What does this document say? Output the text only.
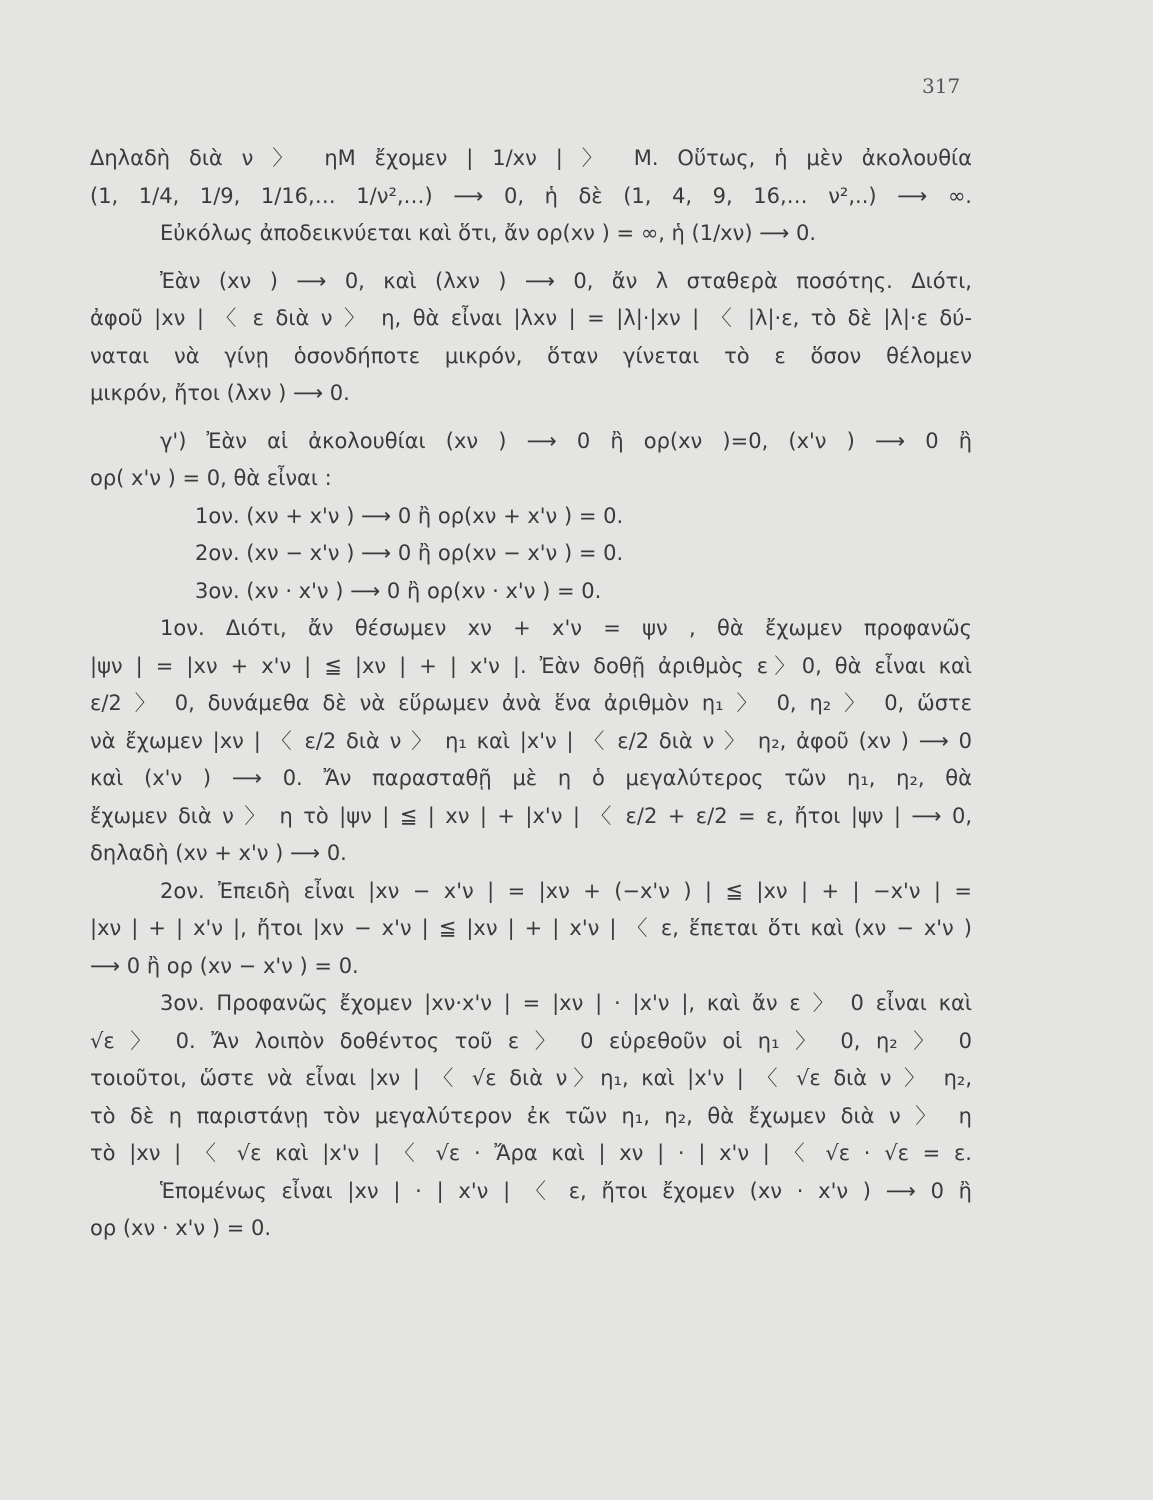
317
Δηλαδὴ διὰ ν 〉 ηM ἔχομεν | 1/xν | 〉 M. Οὕτως, ἡ μὲν ἀκολουθία
(1, 1/4, 1/9, 1/16,… 1/ν²,…) ⟶ 0, ἡ δὲ (1, 4, 9, 16,… ν²,..) ⟶ ∞.
Εὐκόλως ἀποδεικνύεται καὶ ὅτι, ἄν ορ(xν ) = ∞, ἡ (1/xν) ⟶ 0.
Ἐὰν (xν ) ⟶ 0, καὶ (λxν ) ⟶ 0, ἄν λ σταθερὰ ποσότης. Διότι,
ἀφοῦ |xν | 〈 ε διὰ ν 〉 η, θὰ εἶναι |λxν | = |λ|·|xν | 〈 |λ|·ε, τὸ δὲ |λ|·ε δύ-
ναται νὰ γίνῃ ὁσονδήποτε μικρόν, ὅταν γίνεται τὸ ε ὅσον θέλομεν
μικρόν, ἤτοι (λxν ) ⟶ 0.
γ') Ἐὰν αἱ ἀκολουθίαι (xν ) ⟶ 0 ἢ ορ(xν )=0, (x'ν ) ⟶ 0 ἢ
ορ( x'ν ) = 0, θὰ εἶναι :
1ον. (xν + x'ν ) ⟶ 0 ἢ ορ(xν + x'ν ) = 0.
2ον. (xν − x'ν ) ⟶ 0 ἢ ορ(xν − x'ν ) = 0.
3ον. (xν · x'ν ) ⟶ 0 ἢ ορ(xν · x'ν ) = 0.
1ον. Διότι, ἄν θέσωμεν xν + x'ν = ψν , θὰ ἔχωμεν προφανῶς
|ψν | = |xν + x'ν | ≦ |xν | + | x'ν |. Ἐὰν δοθῇ ἀριθμὸς ε〉0, θὰ εἶναι καὶ
ε/2 〉 0, δυνάμεθα δὲ νὰ εὕρωμεν ἀνὰ ἕνα ἀριθμὸν η₁ 〉 0, η₂ 〉 0, ὥστε
νὰ ἔχωμεν |xν | 〈 ε/2 διὰ ν 〉 η₁ καὶ |x'ν | 〈 ε/2 διὰ ν 〉 η₂, ἀφοῦ (xν ) ⟶ 0
καὶ (x'ν ) ⟶ 0. Ἄν παρασταθῇ μὲ η ὁ μεγαλύτερος τῶν η₁, η₂, θὰ
ἔχωμεν διὰ ν 〉 η τὸ |ψν | ≦ | xν | + |x'ν | 〈 ε/2 + ε/2 = ε, ἤτοι |ψν | ⟶ 0,
δηλαδὴ (xν + x'ν ) ⟶ 0.
2ον. Ἐπειδὴ εἶναι |xν − x'ν | = |xν + (−x'ν ) | ≦ |xν | + | −x'ν | =
|xν | + | x'ν |, ἤτοι |xν − x'ν | ≦ |xν | + | x'ν | 〈 ε, ἕπεται ὅτι καὶ (xν − x'ν )
⟶ 0 ἢ ορ (xν − x'ν ) = 0.
3ον. Προφανῶς ἔχομεν |xν·x'ν | = |xν | · |x'ν |, καὶ ἄν ε 〉 0 εἶναι καὶ
√ε 〉 0. Ἄν λοιπὸν δοθέντος τοῦ ε 〉 0 εὑρεθοῦν οἱ η₁ 〉 0, η₂ 〉 0
τοιοῦτοι, ὥστε νὰ εἶναι |xν | 〈 √ε διὰ ν〉η₁, καὶ |x'ν | 〈 √ε διὰ ν 〉 η₂,
τὸ δὲ η παριστάνῃ τὸν μεγαλύτερον ἐκ τῶν η₁, η₂, θὰ ἔχωμεν διὰ ν 〉 η
τὸ |xν | 〈 √ε καὶ |x'ν | 〈 √ε · Ἄρα καὶ | xν | · | x'ν | 〈 √ε · √ε = ε.
Ἑπομένως εἶναι |xν | · | x'ν | 〈 ε, ἤτοι ἔχομεν (xν · x'ν ) ⟶ 0 ἢ
ορ (xν · x'ν ) = 0.
